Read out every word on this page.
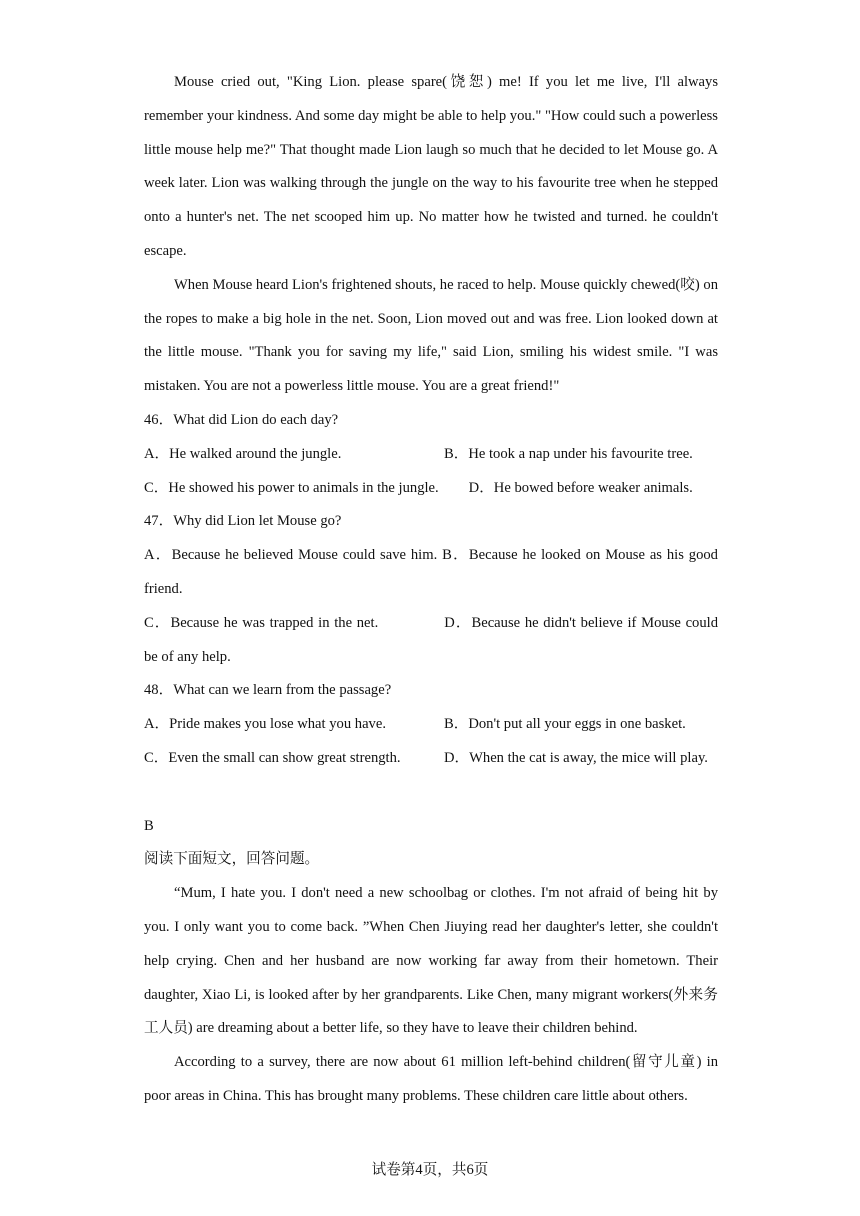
Mouse cried out, "King Lion. please spare(饶恕) me! If you let me live, I'll always remember your kindness. And some day might be able to help you." "How could such a powerless little mouse help me?" That thought made Lion laugh so much that he decided to let Mouse go. A week later. Lion was walking through the jungle on the way to his favourite tree when he stepped onto a hunter's net. The net scooped him up. No matter how he twisted and turned. he couldn't escape.

When Mouse heard Lion's frightened shouts, he raced to help. Mouse quickly chewed(咬) on the ropes to make a big hole in the net. Soon, Lion moved out and was free. Lion looked down at the little mouse. "Thank you for saving my life," said Lion, smiling his widest smile. "I was mistaken. You are not a powerless little mouse. You are a great friend!"

46．What did Lion do each day?

A．He walked around the jungle.	B．He took a nap under his favourite tree.
C．He showed his power to animals in the jungle. D．He bowed before weaker animals.

47．Why did Lion let Mouse go?

A．Because he believed Mouse could save him. B．Because he looked on Mouse as his good friend.

C．Because he was trapped in the net.	D．Because he didn't believe if Mouse could be of any help.

48．What can we learn from the passage?

A．Pride makes you lose what you have.	B．Don't put all your eggs in one basket.
C．Even the small can show great strength.	D．When the cat is away, the mice will play.

B

阅读下面短文，回答问题。

“Mum, I hate you. I don't need a new schoolbag or clothes. I'm not afraid of being hit by you. I only want you to come back. ”When Chen Jiuying read her daughter's letter, she couldn't help crying. Chen and her husband are now working far away from their hometown. Their daughter, Xiao Li, is looked after by her grandparents. Like Chen, many migrant workers(外来务工人员) are dreaming about a better life, so they have to leave their children behind.

According to a survey, there are now about 61 million left-behind children(留守儿童) in poor areas in China. This has brought many problems. These children care little about others.

试卷第4页，共6页
